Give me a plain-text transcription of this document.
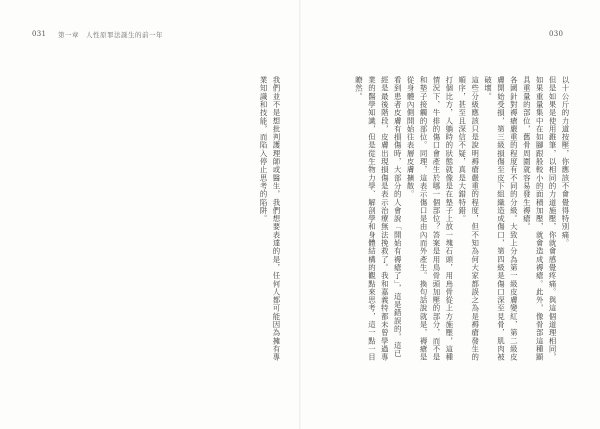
031 第一章　人性原罪法誕生的前一年	030

以十公斤的力道按壓，你應該不會覺得特別痛。

但是如果是使用錐筆，以相同的力道施壓，你就會感覺疼痛。與這個道理相同，如果重量集中在如腳跟般較小的面積加壓，就會造成褥瘡。此外，像骨部這種顯具重量的部位，舊骨周圍就容易發生褥瘡。

各國針對褥瘡嚴重的程度有不同的分級。大致上分為第一級皮膚變紅，第二級皮膚開始受損，第三級損傷至皮下組織造成傷口，第四級是傷口深至見骨，肌肉被破壞。

這些分級應該只是說明褥瘡嚴重的程度，但不知為何大家都誤之為是褥瘡發生的順序，甚至且深信不疑，真是大錯特錯。

打個比方，人躺時的狀態就像是在墊子上放一塊石頭，用鳥骨從上方施壓，這種情況下，牛排的傷口會產生於哪一個部位？答案是用鳥骨頭加壓的部分，而不是和墊子接觸的部位。同理，這表示傷口是由內而外產生。換句話說就是，褥瘡是從身體內側開始往表層皮膚擴散。

看到患者皮膚有損傷時，大部分的人會說「開始有褥瘡了」，這是錯誤的，這已經是最後階段，皮膚出現損傷是表示治療無法挽救了。我和嘉義特都未曾學過專業的醫學知識，但是從生物力學、解剖學和身體結構的觀點來思考，這一點一目瞭然。

我們並不是想批判護理師或醫生，我們想要表達的是，任何人都可能因為擁有專業知識和技能，而陷入停止思考的陷阱。
